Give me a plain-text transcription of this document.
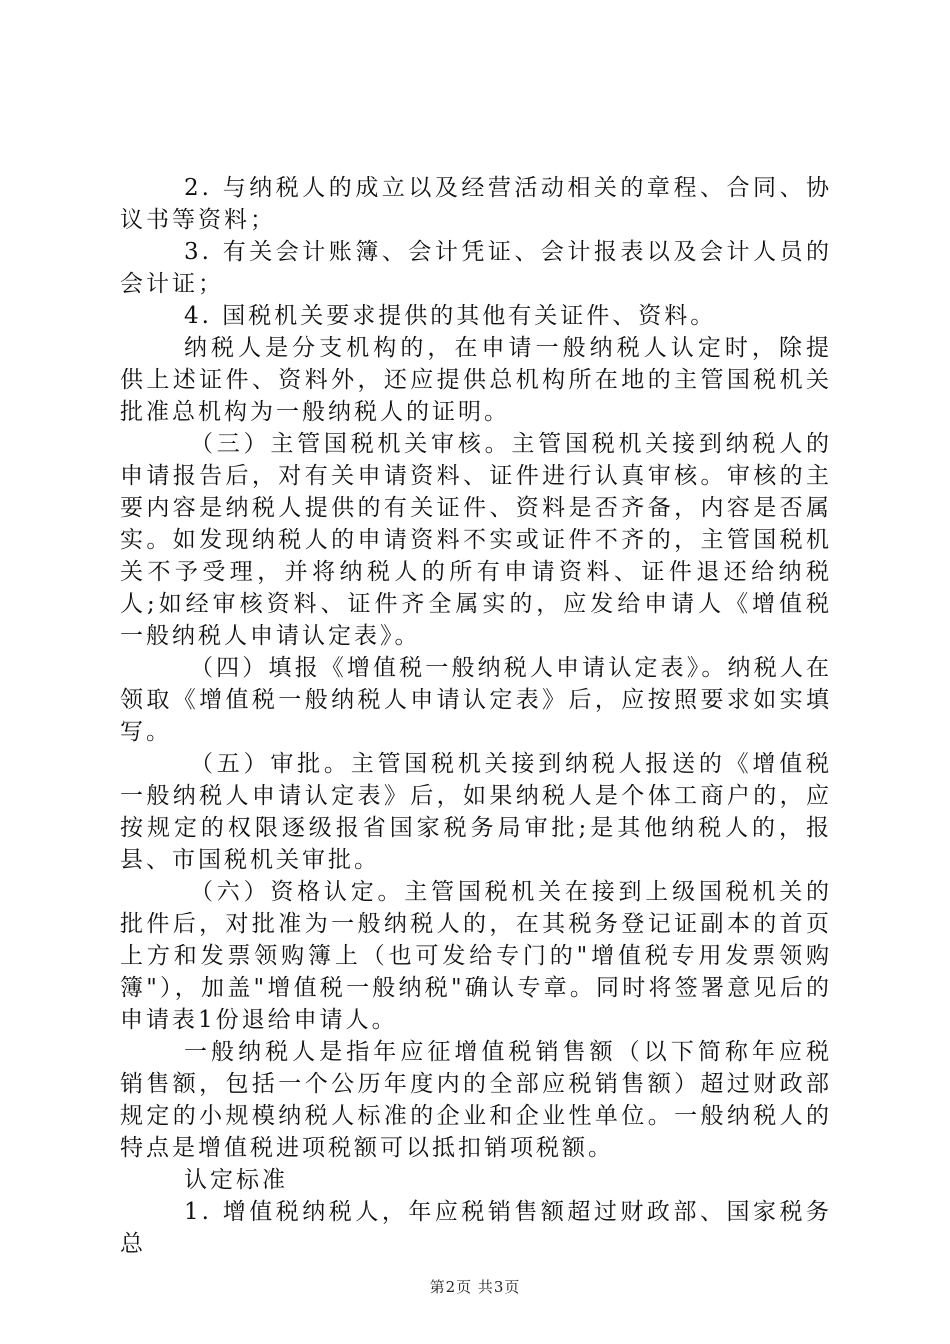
2. 与纳税人的成立以及经营活动相关的章程、合同、协议书等资料；

3. 有关会计账簿、会计凭证、会计报表以及会计人员的会计证；

4. 国税机关要求提供的其他有关证件、资料。

纳税人是分支机构的，在申请一般纳税人认定时，除提供上述证件、资料外，还应提供总机构所在地的主管国税机关批准总机构为一般纳税人的证明。

（三）主管国税机关审核。主管国税机关接到纳税人的申请报告后，对有关申请资料、证件进行认真审核。审核的主要内容是纳税人提供的有关证件、资料是否齐备，内容是否属实。如发现纳税人的申请资料不实或证件不齐的，主管国税机关不予受理，并将纳税人的所有申请资料、证件退还给纳税人;如经审核资料、证件齐全属实的，应发给申请人《增值税一般纳税人申请认定表》。

（四）填报《增值税一般纳税人申请认定表》。纳税人在领取《增值税一般纳税人申请认定表》后，应按照要求如实填写。

（五）审批。主管国税机关接到纳税人报送的《增值税一般纳税人申请认定表》后，如果纳税人是个体工商户的，应按规定的权限逐级报省国家税务局审批;是其他纳税人的，报县、市国税机关审批。

（六）资格认定。主管国税机关在接到上级国税机关的批件后，对批准为一般纳税人的，在其税务登记证副本的首页上方和发票领购簿上（也可发给专门的"增值税专用发票领购簿"），加盖"增值税一般纳税"确认专章。同时将签署意见后的申请表1份退给申请人。

一般纳税人是指年应征增值税销售额（以下简称年应税销售额，包括一个公历年度内的全部应税销售额）超过财政部规定的小规模纳税人标准的企业和企业性单位。一般纳税人的特点是增值税进项税额可以抵扣销项税额。

认定标准

1. 增值税纳税人，年应税销售额超过财政部、国家税务总

第2页 共3页
